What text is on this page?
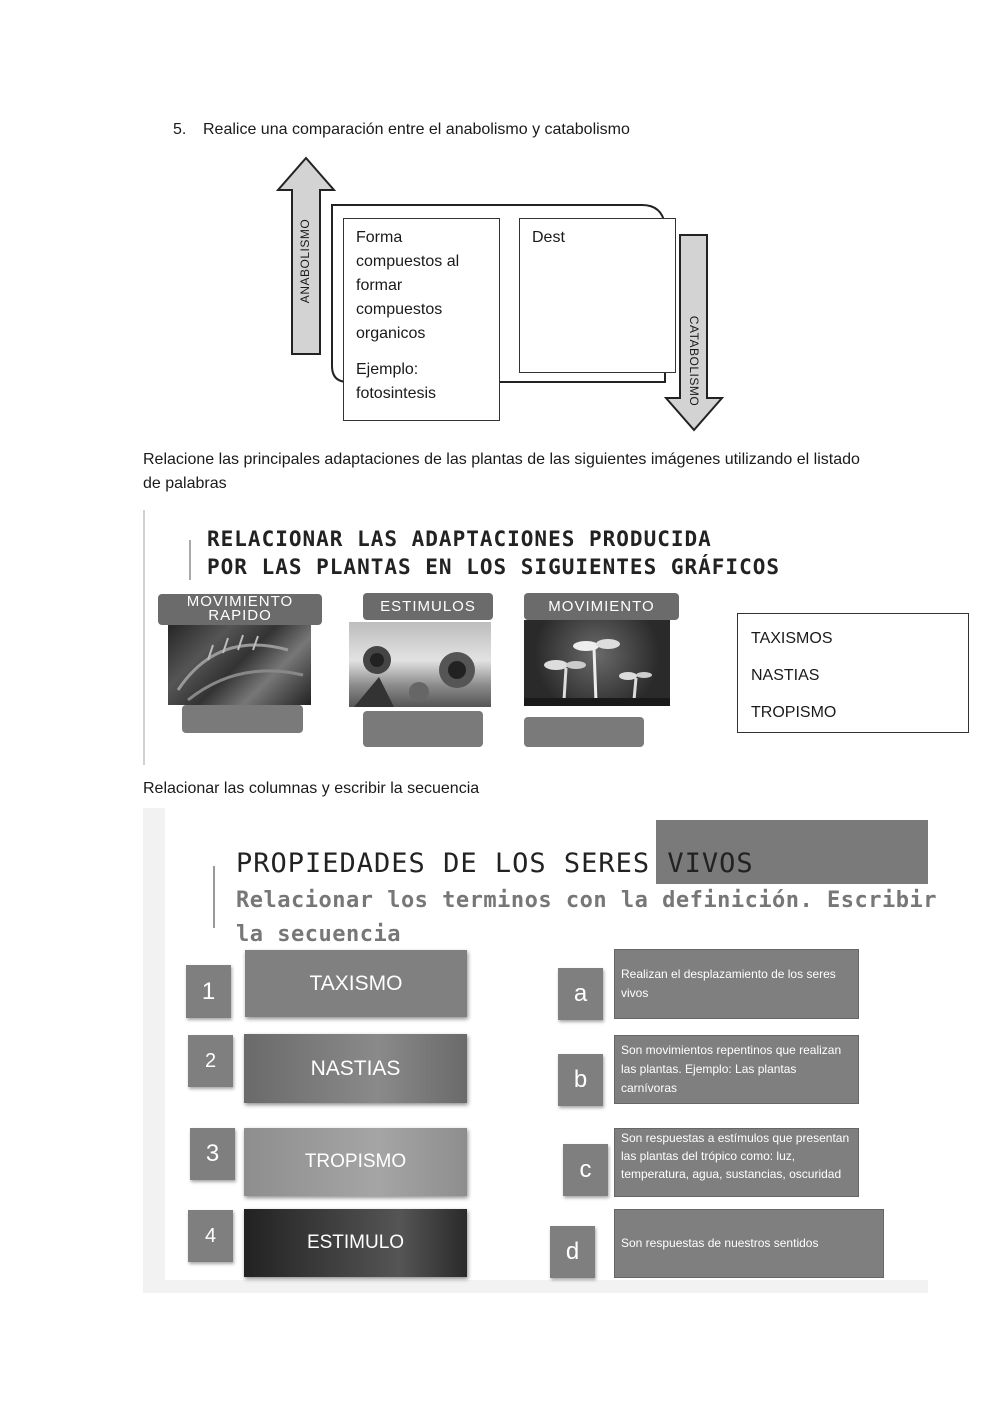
5. Realice una comparación entre el anabolismo y catabolismo
ANABOLISMO
CATABOLISMO
Forma compuestos al formar compuestos organicos
Ejemplo: fotosintesis
Dest
Relacione las principales adaptaciones de las plantas de las siguientes imágenes utilizando el listado de palabras
RELACIONAR LAS ADAPTACIONES PRODUCIDA
POR LAS PLANTAS EN LOS SIGUIENTES GRÁFICOS
MOVIMIENTO RAPIDO
ESTIMULOS	MOVIMIENTO
TAXISMOS
NASTIAS
TROPISMO
Relacionar las columnas y escribir la secuencia
PROPIEDADES DE LOS SERES VIVOS
Relacionar los terminos con la definición. Escribir
la secuencia
1
2
3
4
TAXISMO
NASTIAS
TROPISMO
ESTIMULO
a
b
c
d
Realizan el desplazamiento de los seres vivos
Son movimientos repentinos que realizan las plantas. Ejemplo: Las plantas carnívoras
Son respuestas a estímulos que presentan las plantas del trópico como: luz, temperatura, agua, sustancias, oscuridad
Son respuestas de nuestros sentidos
